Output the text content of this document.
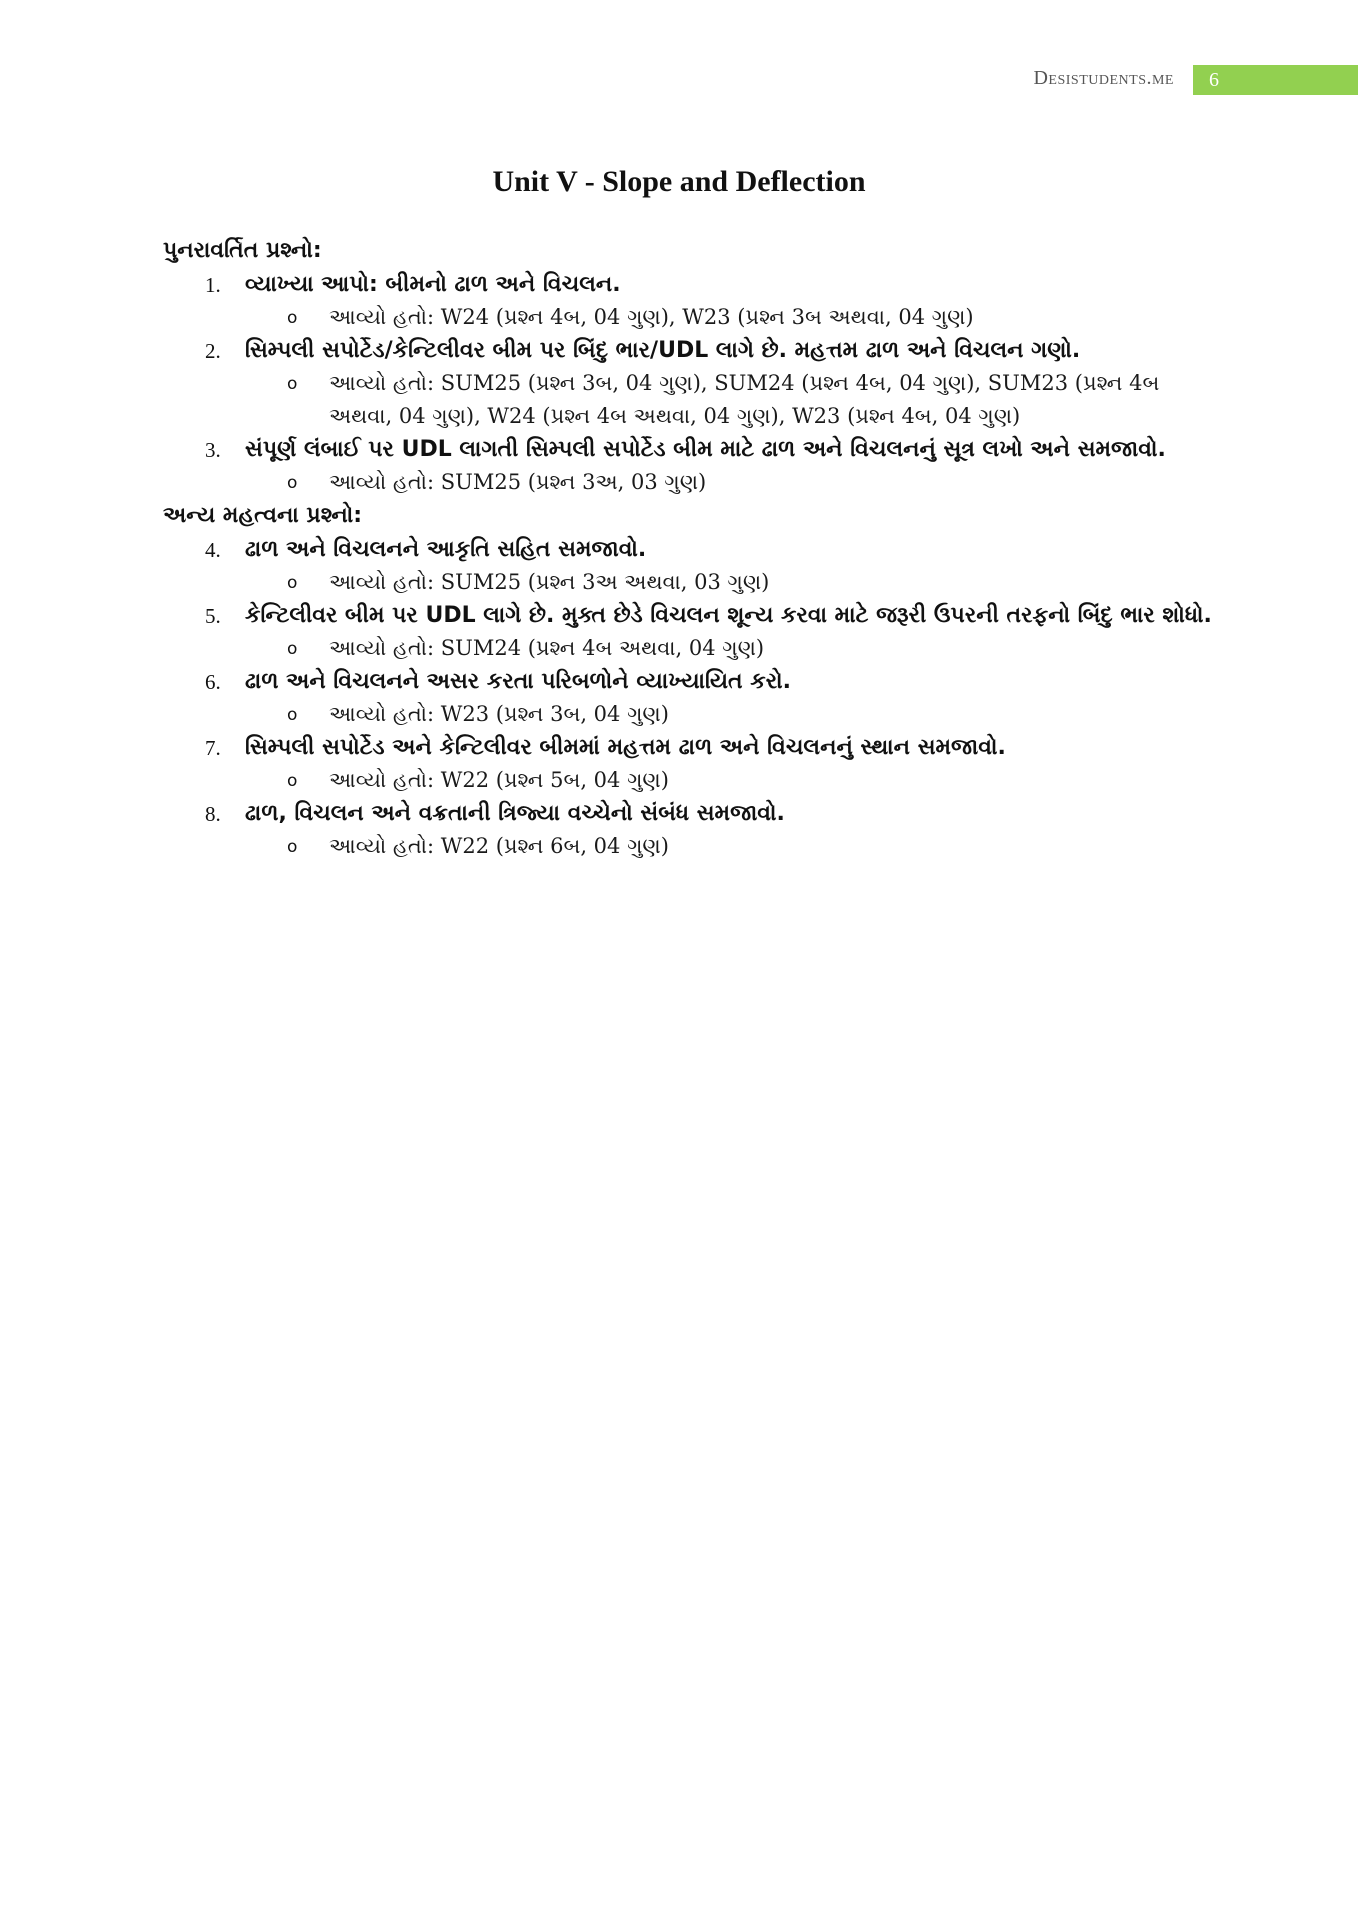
Desistudents.me 6
Unit V - Slope and Deflection
પુનરાવર્તિત પ્રશ્નો:
1. વ્યાખ્યા આપો: બીમનો ઢાળ અને વિચલન.
o આવ્યો હતો: W24 (પ્રશ્ન 4બ, 04 ગુણ), W23 (પ્રશ્ન 3બ અથવા, 04 ગુણ)
2. સિમ્પલી સપોર્ટેડ/કેન્ટિલીવર બીમ પર બિંદુ ભાર/UDL લાગે છે. મહત્તમ ઢાળ અને વિચલન ગણો.
o આવ્યો હતો: SUM25 (પ્રશ્ન 3બ, 04 ગુણ), SUM24 (પ્રશ્ન 4બ, 04 ગુણ), SUM23 (પ્રશ્ન 4બ અથવા, 04 ગુણ), W24 (પ્રશ્ન 4બ અથવા, 04 ગુણ), W23 (પ્રશ્ન 4બ, 04 ગુણ)
3. સંપૂર્ણ લંબાઈ પર UDL લાગતી સિમ્પલી સપોર્ટેડ બીમ માટે ઢાળ અને વિચલનનું સૂત્ર લખો અને સમજાવો.
o આવ્યો હતો: SUM25 (પ્રશ્ન 3અ, 03 ગુણ)
અન્ય મહત્વના પ્રશ્નો:
4. ઢાળ અને વિચલનને આકૃતિ સહિત સમજાવો.
o આવ્યો હતો: SUM25 (પ્રશ્ન 3અ અથવા, 03 ગુણ)
5. કેન્ટિલીવર બીમ પર UDL લાગે છે. મુક્ત છેડે વિચલન શૂન્ય કરવા માટે જરૂરી ઉપરની તરફનો બિંદુ ભાર શોધો.
o આવ્યો હતો: SUM24 (પ્રશ્ન 4બ અથવા, 04 ગુણ)
6. ઢાળ અને વિચલનને અસર કરતા પરિબળોને વ્યાખ્યાયિત કરો.
o આવ્યો હતો: W23 (પ્રશ્ન 3બ, 04 ગુણ)
7. સિમ્પલી સપોર્ટેડ અને કેન્ટિલીવર બીમમાં મહત્તમ ઢાળ અને વિચલનનું સ્થાન સમજાવો.
o આવ્યો હતો: W22 (પ્રશ્ન 5બ, 04 ગુણ)
8. ઢાળ, વિચલન અને વક્રતાની ત્રિજ્યા વચ્ચેનો સંબંધ સમજાવો.
o આવ્યો હતો: W22 (પ્રશ્ન 6બ, 04 ગુણ)
